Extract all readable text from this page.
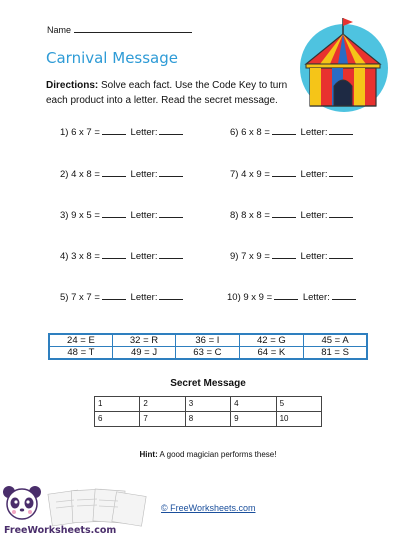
Name
Carnival Message
Directions: Solve each fact. Use the Code Key to turn each product into a letter. Read the secret message.
1) 6 x 7 =	Letter:
2) 4 x 8 =	Letter:
3) 9 x 5 =	Letter:
4) 3 x 8 =	Letter:
5) 7 x 7 =	Letter:
6) 6 x 8 =	Letter:
7) 4 x 9 =	Letter:
8) 8 x 8 =	Letter:
9) 7 x 9 =	Letter:
10) 9 x 9 =	Letter:
24 = E	32 = R	36 = I	42 = G	45 = A
48 = T	49 = J	63 = C	64 = K	81 = S
Secret Message
1	2	3	4	5
6	7	8	9	10
Hint: A good magician performs these!
FreeWorksheets.com
© FreeWorksheets.com
